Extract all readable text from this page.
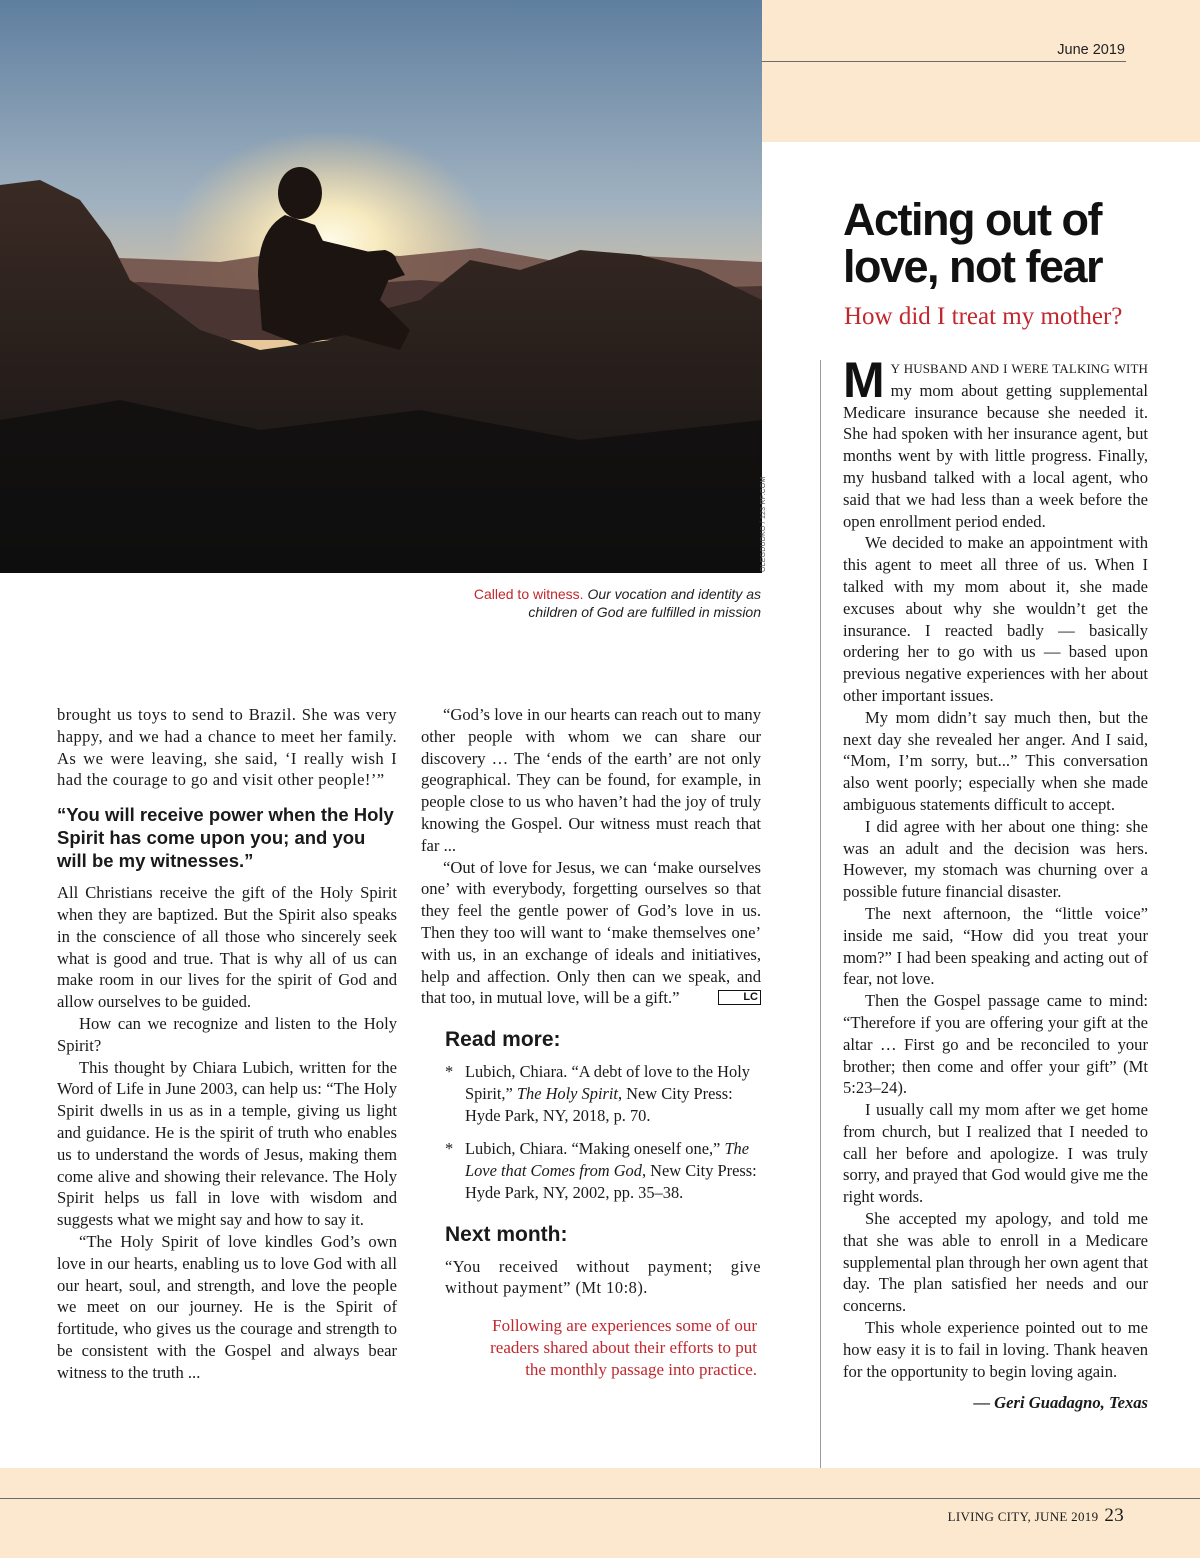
June 2019
OLEGDUDKO / 123 RF.COM
Called to witness. Our vocation and identity as children of God are fulfilled in mission

brought us toys to send to Brazil. She was very happy, and we had a chance to meet her family. As we were leaving, she said, ‘I really wish I had the courage to go and visit other people!’”

“You will receive power when the Holy Spirit has come upon you; and you will be my witnesses.”

All Christians receive the gift of the Holy Spirit when they are baptized. But the Spirit also speaks in the conscience of all those who sincerely seek what is good and true. That is why all of us can make room in our lives for the spirit of God and allow ourselves to be guided.

How can we recognize and listen to the Holy Spirit?

This thought by Chiara Lubich, written for the Word of Life in June 2003, can help us: “The Holy Spirit dwells in us as in a temple, giving us light and guidance. He is the spirit of truth who enables us to understand the words of Jesus, making them come alive and showing their relevance. The Holy Spirit helps us fall in love with wisdom and suggests what we might say and how to say it.

“The Holy Spirit of love kindles God’s own love in our hearts, enabling us to love God with all our heart, soul, and strength, and love the people we meet on our journey. He is the Spirit of fortitude, who gives us the courage and strength to be consistent with the Gospel and always bear witness to the truth ...

“God’s love in our hearts can reach out to many other people with whom we can share our discovery … The ‘ends of the earth’ are not only geographical. They can be found, for example, in people close to us who haven’t had the joy of truly knowing the Gospel. Our witness must reach that far ...

“Out of love for Jesus, we can ‘make ourselves one’ with everybody, forgetting ourselves so that they feel the gentle power of God’s love in us. Then they too will want to ‘make themselves one’ with us, in an exchange of ideals and initiatives, help and affection. Only then can we speak, and that too, in mutual love, will be a gift.”	LC

Read more:
* Lubich, Chiara. “A debt of love to the Holy Spirit,” The Holy Spirit, New City Press: Hyde Park, NY, 2018, p. 70.
* Lubich, Chiara. “Making oneself one,” The Love that Comes from God, New City Press: Hyde Park, NY, 2002, pp. 35–38.
Next month:
“You received without payment; give without payment” (Mt 10:8).
Following are experiences some of our readers shared about their efforts to put the monthly passage into practice.
Acting out of love, not fear
How did I treat my mother?

M Y HUSBAND AND I WERE TALKING WITH my mom about getting supplemental Medicare insurance because she needed it. She had spoken with her insurance agent, but months went by with little progress. Finally, my husband talked with a local agent, who said that we had less than a week before the open enrollment period ended.

We decided to make an appointment with this agent to meet all three of us. When I talked with my mom about it, she made excuses about why she wouldn’t get the insurance. I reacted badly — basically ordering her to go with us — based upon previous negative experiences with her about other important issues.

My mom didn’t say much then, but the next day she revealed her anger. And I said, “Mom, I’m sorry, but...” This conversation also went poorly; especially when she made ambiguous statements difficult to accept.

I did agree with her about one thing: she was an adult and the decision was hers. However, my stomach was churning over a possible future financial disaster.

The next afternoon, the “little voice” inside me said, “How did you treat your mom?” I had been speaking and acting out of fear, not love.

Then the Gospel passage came to mind: “Therefore if you are offering your gift at the altar … First go and be reconciled to your brother; then come and offer your gift” (Mt 5:23–24).

I usually call my mom after we get home from church, but I realized that I needed to call her before and apologize. I was truly sorry, and prayed that God would give me the right words.

She accepted my apology, and told me that she was able to enroll in a Medicare supplemental plan through her own agent that day. The plan satisfied her needs and our concerns.

This whole experience pointed out to me how easy it is to fail in loving. Thank heaven for the opportunity to begin loving again.

— Geri Guadagno, Texas
LIVING CITY, JUNE 2019 23
